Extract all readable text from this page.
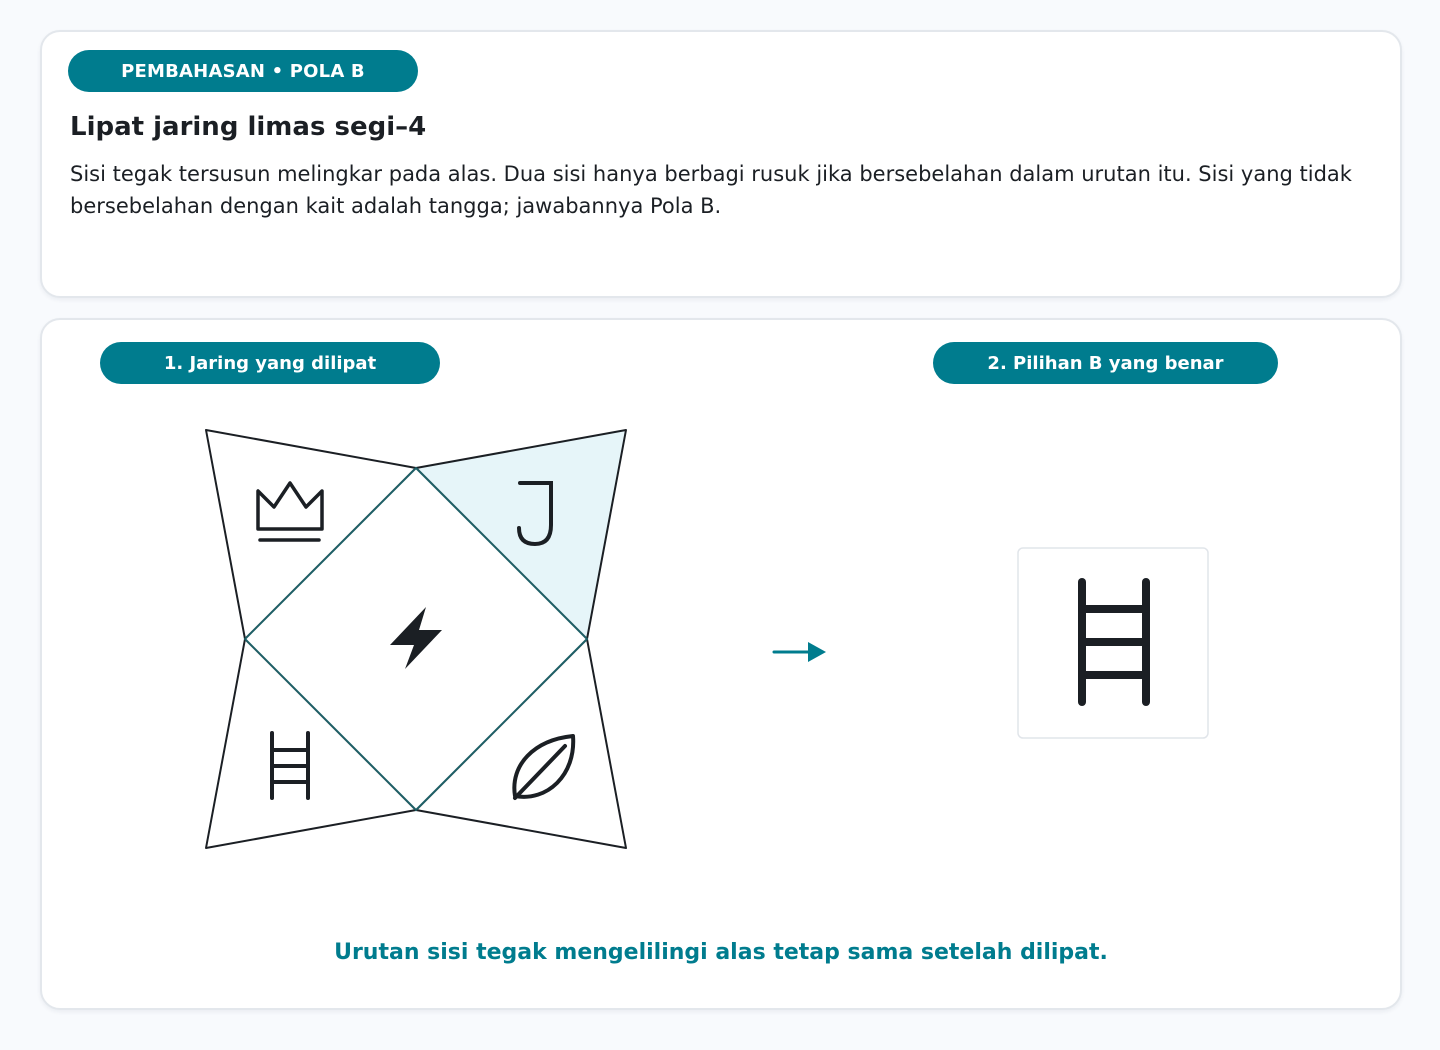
PEMBAHASAN • POLA B
Lipat jaring limas segi–4

Sisi tegak tersusun melingkar pada alas. Dua sisi hanya berbagi rusuk jika bersebelahan dalam urutan itu. Sisi yang tidak bersebelahan dengan kait adalah tangga; jawabannya Pola B.

1. Jaring yang dilipat	2. Pilihan B yang benar
Urutan sisi tegak mengelilingi alas tetap sama setelah dilipat.
